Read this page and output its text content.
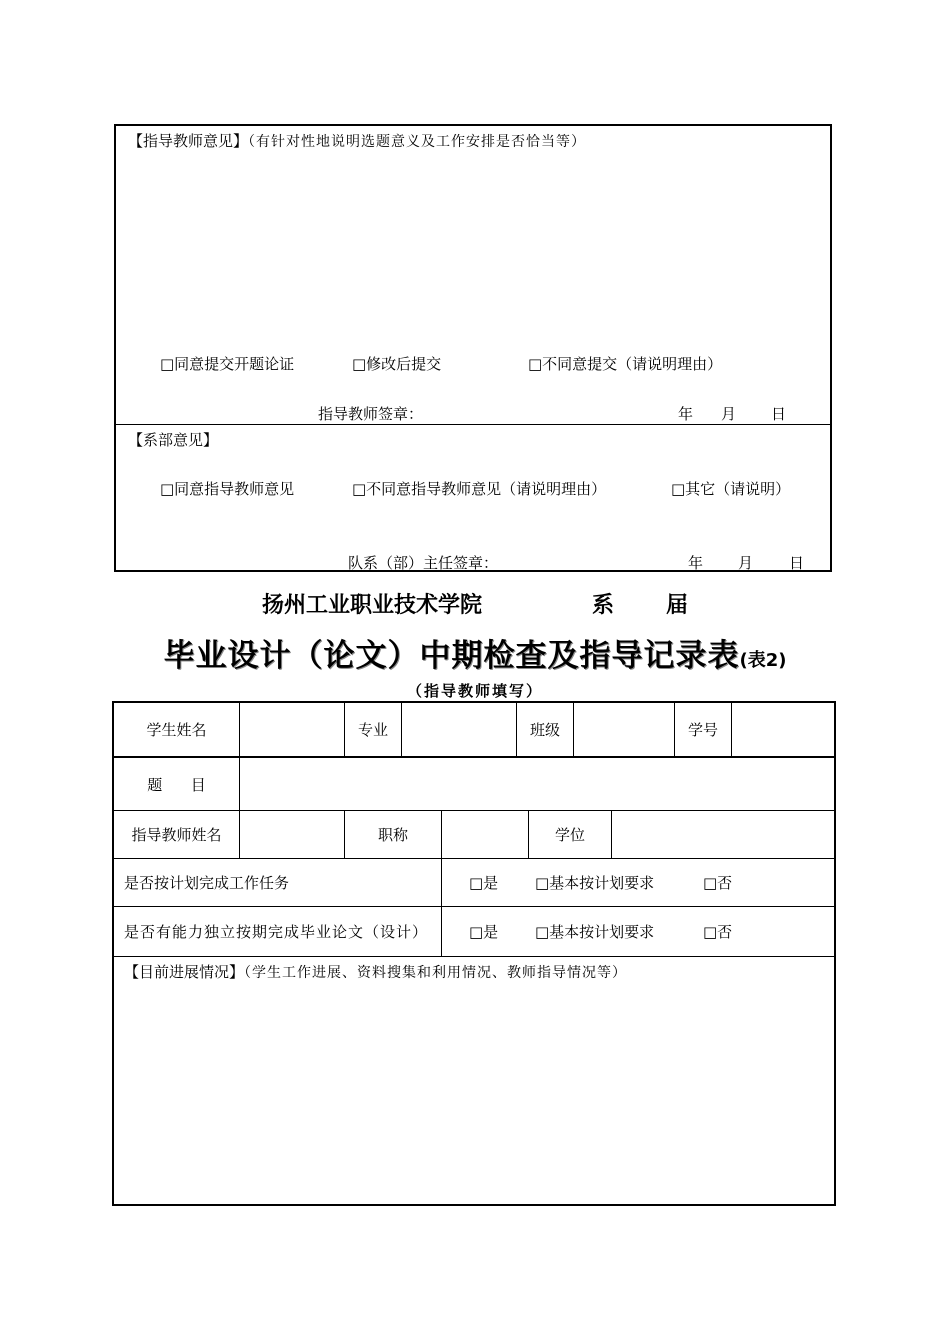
【指导教师意见】（有针对性地说明选题意义及工作安排是否恰当等）
□同意提交开题论证	□修改后提交	□不同意提交（请说明理由）
指导教师签章：	年 月 日
【系部意见】
□同意指导教师意见	□不同意指导教师意见（请说明理由）	□其它（请说明）
队系（部）主任签章：	年 月 日
扬州工业职业技术学院	系 届
毕业设计（论文）中期检查及指导记录表(表2)
（指导教师填写）
学生姓名	专业	班级	学号
题      目
指导教师姓名	职称	学位
是否按计划完成工作任务	□是 □基本按计划要求	□否
是否有能力独立按期完成毕业论文（设计）	□是 □基本按计划要求	□否
【目前进展情况】（学生工作进展、资料搜集和利用情况、教师指导情况等）
